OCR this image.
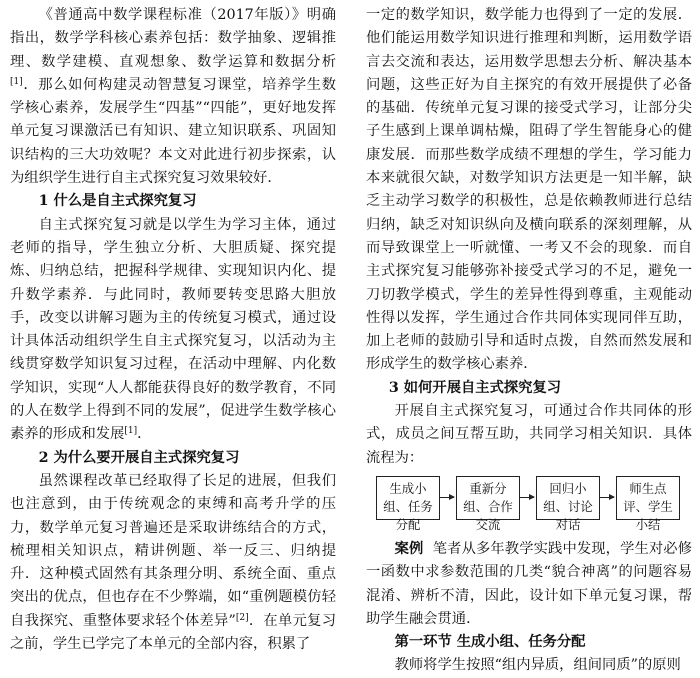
《普通高中数学课程标准（2017年版）》明确指出，数学学科核心素养包括：数学抽象、逻辑推理、数学建模、直观想象、数学运算和数据分析[1]．那么如何构建灵动智慧复习课堂，培养学生数学核心素养，发展学生“四基”“四能”，更好地发挥单元复习课激活已有知识、建立知识联系、巩固知识结构的三大功效呢？本文对此进行初步探索，认为组织学生进行自主式探究复习效果较好．

1 什么是自主式探究复习

自主式探究复习就是以学生为学习主体，通过老师的指导，学生独立分析、大胆质疑、探究提炼、归纳总结，把握科学规律、实现知识内化、提升数学素养．与此同时，教师要转变思路大胆放手，改变以讲解习题为主的传统复习模式，通过设计具体活动组织学生自主式探究复习，以活动为主线贯穿数学知识复习过程，在活动中理解、内化数学知识，实现“人人都能获得良好的数学教育，不同的人在数学上得到不同的发展”，促进学生数学核心素养的形成和发展[1]．

2 为什么要开展自主式探究复习

虽然课程改革已经取得了长足的进展，但我们也注意到，由于传统观念的束缚和高考升学的压力，数学单元复习普遍还是采取讲练结合的方式，梳理相关知识点，精讲例题、举一反三、归纳提升．这种模式固然有其条理分明、系统全面、重点突出的优点，但也存在不少弊端，如“重例题模仿轻自我探究、重整体要求轻个体差异”[2]．在单元复习之前，学生已学完了本单元的全部内容，积累了

一定的数学知识，数学能力也得到了一定的发展．他们能运用数学知识进行推理和判断，运用数学语言去交流和表达，运用数学思想去分析、解决基本问题，这些正好为自主探究的有效开展提供了必备的基础．传统单元复习课的接受式学习，让部分尖子生感到上课单调枯燥，阻碍了学生智能身心的健康发展．而那些数学成绩不理想的学生，学习能力本来就很欠缺，对数学知识方法更是一知半解，缺乏主动学习数学的积极性，总是依赖教师进行总结归纳，缺乏对知识纵向及横向联系的深刻理解，从而导致课堂上一听就懂、一考又不会的现象．而自主式探究复习能够弥补接受式学习的不足，避免一刀切教学模式，学生的差异性得到尊重，主观能动性得以发挥，学生通过合作共同体实现同伴互助，加上老师的鼓励引导和适时点拨，自然而然发展和形成学生的数学核心素养．

3 如何开展自主式探究复习

开展自主式探究复习，可通过合作共同体的形式，成员之间互帮互助，共同学习相关知识．具体流程为：

生成小组、任务分配
重新分组、合作交流
回归小组、讨论对话
师生点评、学生小结

案例 笔者从多年教学实践中发现，学生对必修一函数中求参数范围的几类“貌合神离”的问题容易混淆、辨析不清，因此，设计如下单元复习课，帮助学生融会贯通．

第一环节 生成小组、任务分配

教师将学生按照“组内异质，组间同质”的原则
